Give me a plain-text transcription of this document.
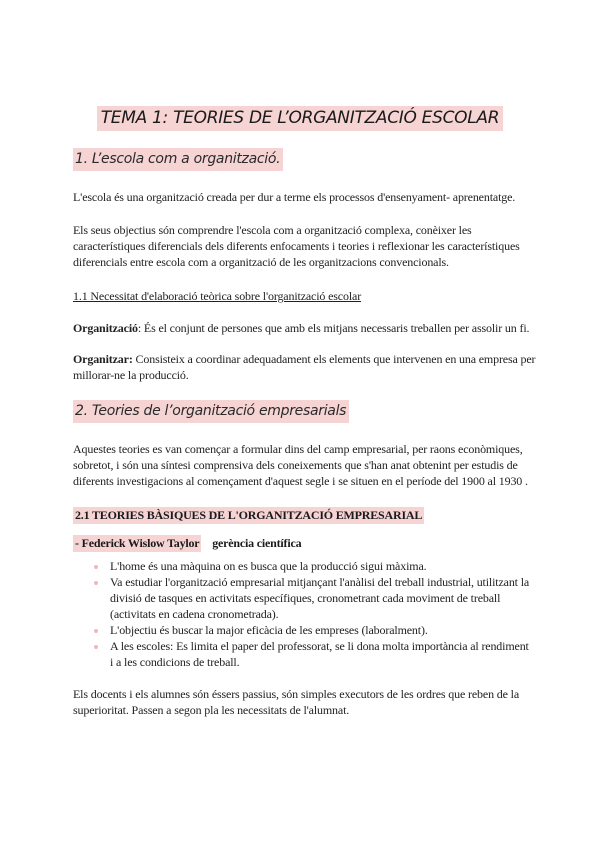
TEMA 1: TEORIES DE L’ORGANITZACIÓ ESCOLAR
1. L’escola com a organització.
L'escola és una organització creada per dur a terme els processos d'ensenyament- aprenentatge.
Els seus objectius són comprendre l'escola com a organització complexa, conèixer les característiques diferencials dels diferents enfocaments i teories i reflexionar les característiques diferencials entre escola com a organització de les organitzacions convencionals.
1.1 Necessitat d'elaboració teòrica sobre l'organització escolar
Organització: És el conjunt de persones que amb els mitjans necessaris treballen per assolir un fi.
Organitzar: Consisteix a coordinar adequadament els elements que intervenen en una empresa per millorar-ne la producció.
2. Teories de l’organització empresarials
Aquestes teories es van començar a formular dins del camp empresarial, per raons econòmiques, sobretot, i són una síntesi comprensiva dels coneixements que s'han anat obtenint per estudis de diferents investigacions al començament d'aquest segle i se situen en el període del 1900 al 1930 .
2.1 TEORIES BÀSIQUES DE L'ORGANITZACIÓ EMPRESARIAL
- Federick Wislow Taylor gerència científica
L'home és una màquina on es busca que la producció sigui màxima.
Va estudiar l'organització empresarial mitjançant l'anàlisi del treball industrial, utilitzant la divisió de tasques en activitats específiques, cronometrant cada moviment de treball (activitats en cadena cronometrada).
L'objectiu és buscar la major eficàcia de les empreses (laboralment).
A les escoles: Es limita el paper del professorat, se li dona molta importància al rendiment i a les condicions de treball.
Els docents i els alumnes són éssers passius, són simples executors de les ordres que reben de la superioritat. Passen a segon pla les necessitats de l'alumnat.
